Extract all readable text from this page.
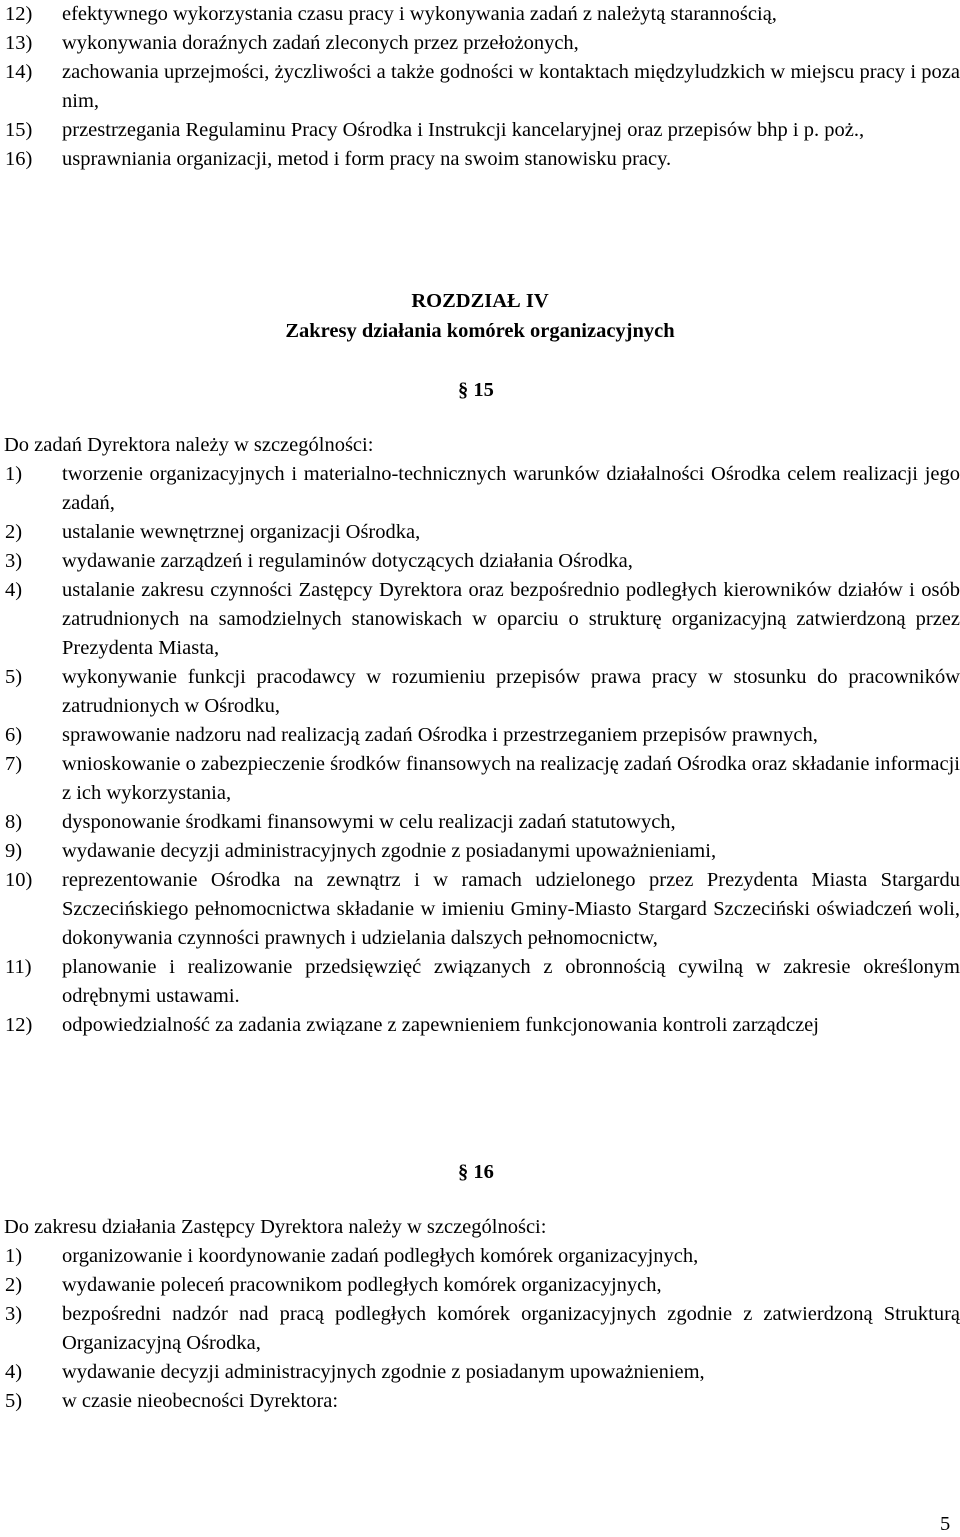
12)	efektywnego wykorzystania czasu pracy i wykonywania zadań z należytą starannością,
13)	wykonywania doraźnych zadań zleconych przez przełożonych,
14)	zachowania uprzejmości, życzliwości a także godności w kontaktach międzyludzkich w miejscu pracy i poza nim,
15)	przestrzegania Regulaminu Pracy Ośrodka i Instrukcji kancelaryjnej oraz przepisów bhp i p. poż.,
16)	usprawniania organizacji, metod i form pracy na swoim stanowisku pracy.
ROZDZIAŁ IV
Zakresy działania komórek organizacyjnych
§ 15
Do zadań Dyrektora należy w szczególności:
1)	tworzenie organizacyjnych i materialno-technicznych warunków działalności Ośrodka celem realizacji jego zadań,
2)	ustalanie wewnętrznej organizacji Ośrodka,
3)	wydawanie zarządzeń i regulaminów dotyczących działania Ośrodka,
4)	ustalanie zakresu czynności Zastępcy Dyrektora oraz bezpośrednio podległych kierowników działów i osób zatrudnionych na samodzielnych stanowiskach w oparciu o strukturę organizacyjną zatwierdzoną przez Prezydenta Miasta,
5)	wykonywanie funkcji pracodawcy w rozumieniu przepisów prawa pracy w stosunku do pracowników zatrudnionych w Ośrodku,
6)	sprawowanie nadzoru nad realizacją zadań Ośrodka i przestrzeganiem przepisów prawnych,
7)	wnioskowanie o zabezpieczenie środków finansowych na realizację zadań Ośrodka oraz składanie informacji z ich wykorzystania,
8)	dysponowanie środkami finansowymi w celu realizacji zadań statutowych,
9)	wydawanie decyzji administracyjnych zgodnie z posiadanymi upoważnieniami,
10)	reprezentowanie Ośrodka na zewnątrz i w ramach udzielonego przez Prezydenta Miasta Stargardu Szczecińskiego pełnomocnictwa składanie w imieniu Gminy-Miasto Stargard Szczeciński oświadczeń woli, dokonywania czynności prawnych i udzielania dalszych pełnomocnictw,
11)	planowanie i realizowanie przedsięwzięć związanych z obronnością cywilną w zakresie określonym odrębnymi ustawami.
12)	odpowiedzialność za zadania związane z zapewnieniem funkcjonowania kontroli zarządczej
§ 16
Do zakresu działania Zastępcy Dyrektora należy w szczególności:
1)	organizowanie i koordynowanie zadań podległych komórek organizacyjnych,
2)	wydawanie poleceń pracownikom podległych komórek organizacyjnych,
3)	bezpośredni nadzór nad pracą podległych komórek organizacyjnych zgodnie z zatwierdzoną Strukturą Organizacyjną Ośrodka,
4)	wydawanie decyzji administracyjnych zgodnie z posiadanym upoważnieniem,
5)	w czasie nieobecności Dyrektora:
5
